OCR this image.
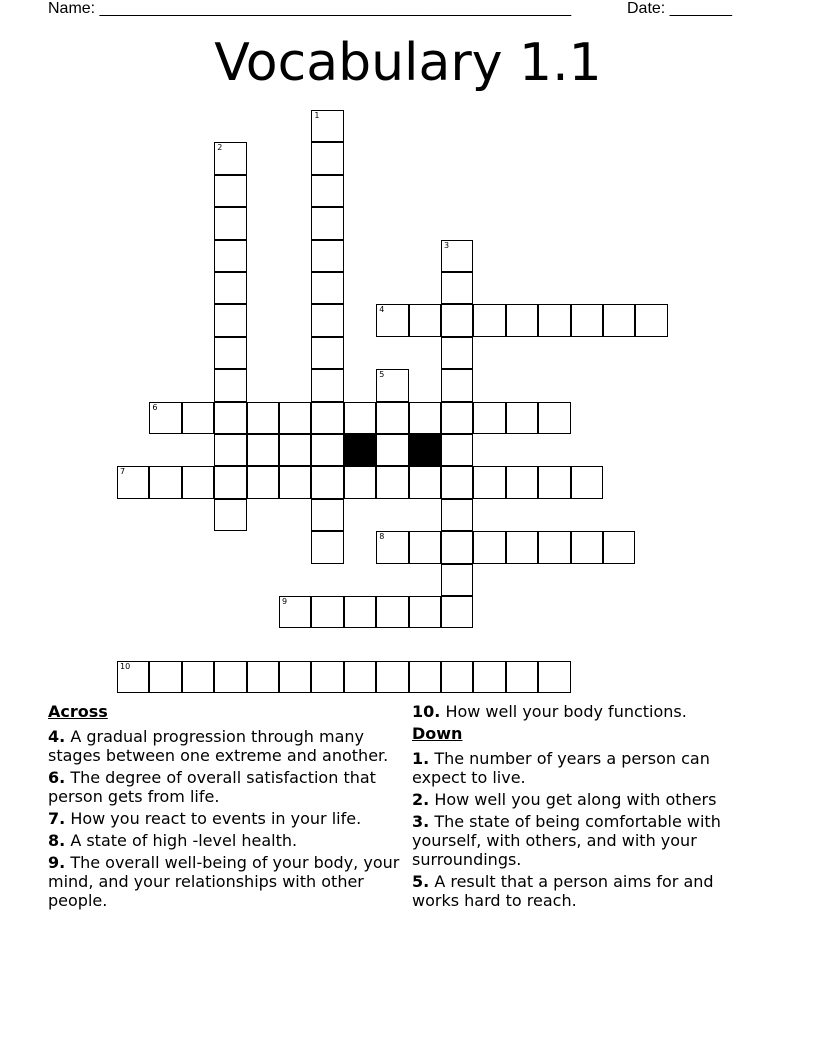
Name: _____________________________________________________	Date: _______
Vocabulary 1.1
1
2
3
4
5
6
7
8
9
10
Across
4. A gradual progression through many stages between one extreme and another.
6. The degree of overall satisfaction that person gets from life.
7. How you react to events in your life.
8. A state of high -level health.
9. The overall well-being of your body, your mind, and your relationships with other people.
10. How well your body functions.
Down
1. The number of years a person can expect to live.
2. How well you get along with others
3. The state of being comfortable with yourself, with others, and with your surroundings.
5. A result that a person aims for and works hard to reach.
